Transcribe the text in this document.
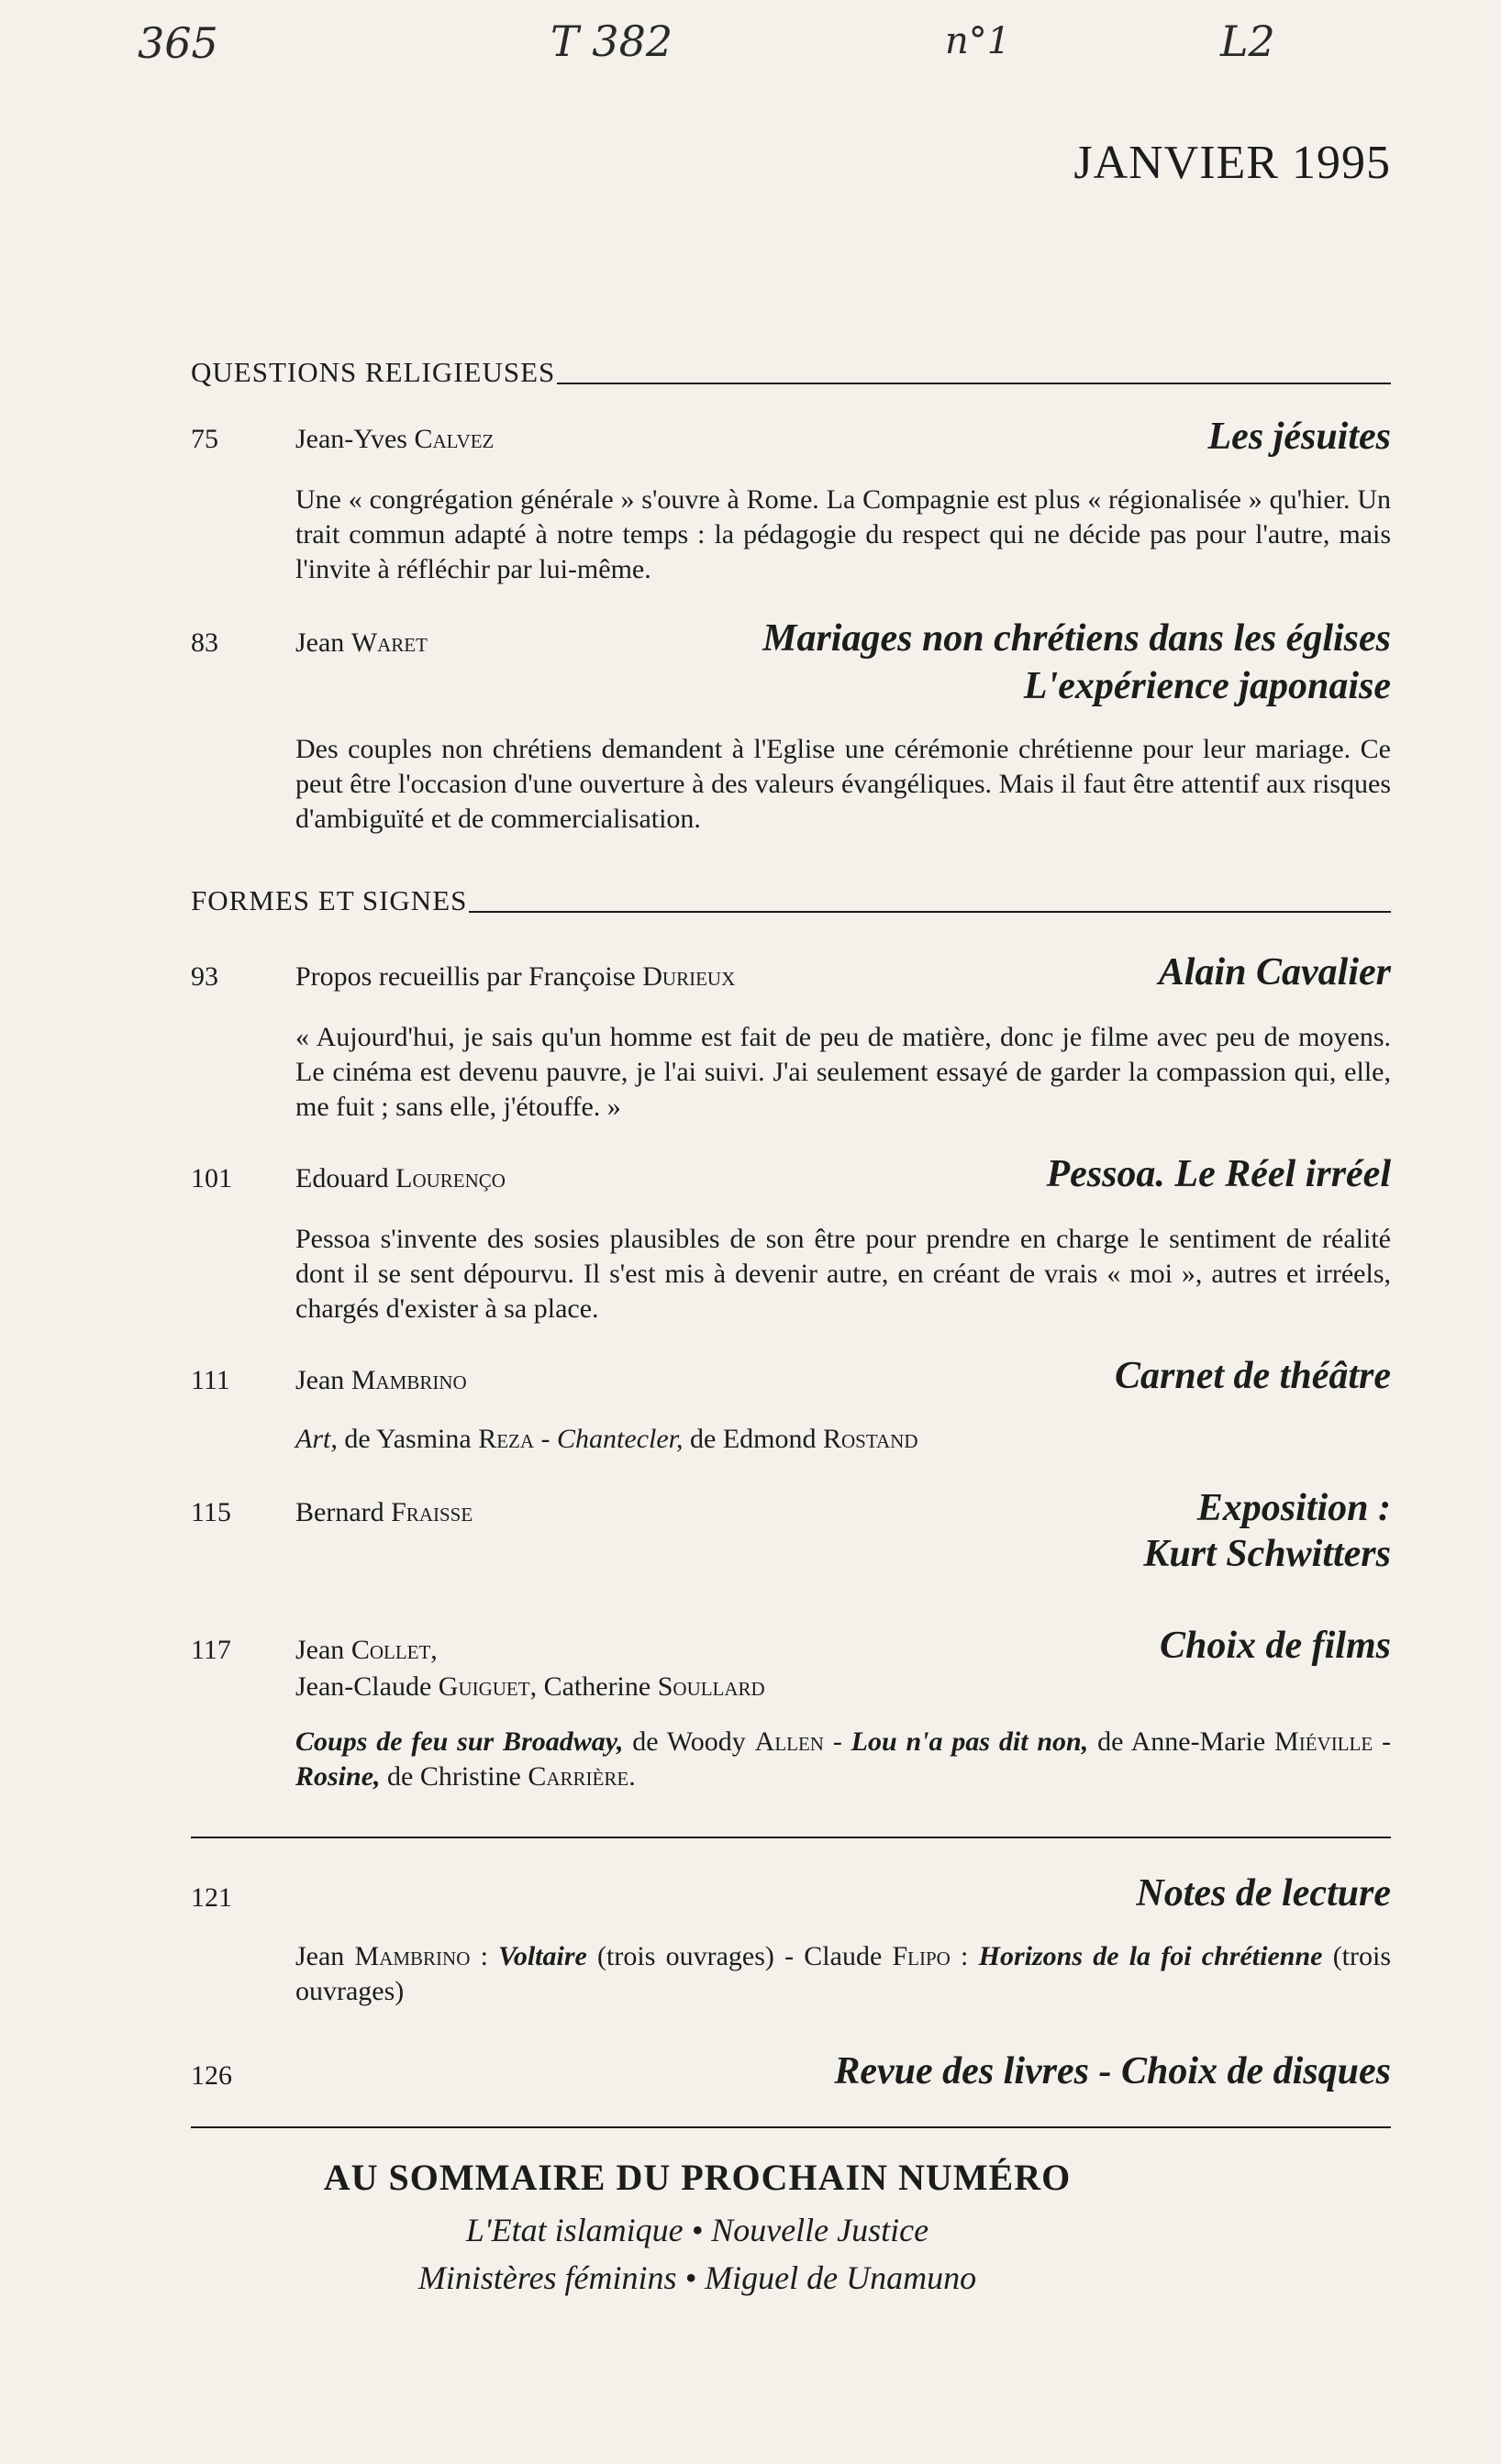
365	T 382	n°1	L2
JANVIER 1995
QUESTIONS RELIGIEUSES
75	Jean-Yves Calvez	Les jésuites
Une « congrégation générale » s'ouvre à Rome. La Compagnie est plus « régionalisée » qu'hier. Un trait commun adapté à notre temps : la pédagogie du respect qui ne décide pas pour l'autre, mais l'invite à réfléchir par lui-même.
83	Jean Waret	Mariages non chrétiens dans les églises
L'expérience japonaise
Des couples non chrétiens demandent à l'Eglise une cérémonie chrétienne pour leur mariage. Ce peut être l'occasion d'une ouverture à des valeurs évangéliques. Mais il faut être attentif aux risques d'ambiguïté et de commercialisation.
FORMES ET SIGNES
93	Propos recueillis par Françoise Durieux	Alain Cavalier
« Aujourd'hui, je sais qu'un homme est fait de peu de matière, donc je filme avec peu de moyens. Le cinéma est devenu pauvre, je l'ai suivi. J'ai seulement essayé de garder la compassion qui, elle, me fuit ; sans elle, j'étouffe. »
101 Edouard Lourenço	Pessoa. Le Réel irréel
Pessoa s'invente des sosies plausibles de son être pour prendre en charge le sentiment de réalité dont il se sent dépourvu. Il s'est mis à devenir autre, en créant de vrais « moi », autres et irréels, chargés d'exister à sa place.
111 Jean Mambrino	Carnet de théâtre
Art, de Yasmina Reza - Chantecler, de Edmond Rostand
115 Bernard Fraisse	Exposition :
Kurt Schwitters
117 Jean Collet,	Choix de films
Jean-Claude Guiguet, Catherine Soullard
Coups de feu sur Broadway, de Woody Allen - Lou n'a pas dit non, de Anne-Marie Miéville - Rosine, de Christine Carrière.
121	Notes de lecture
Jean Mambrino : Voltaire (trois ouvrages) - Claude Flipo : Horizons de la foi chrétienne (trois ouvrages)
126	Revue des livres - Choix de disques
AU SOMMAIRE DU PROCHAIN NUMÉRO
L'Etat islamique • Nouvelle Justice
Ministères féminins • Miguel de Unamuno
